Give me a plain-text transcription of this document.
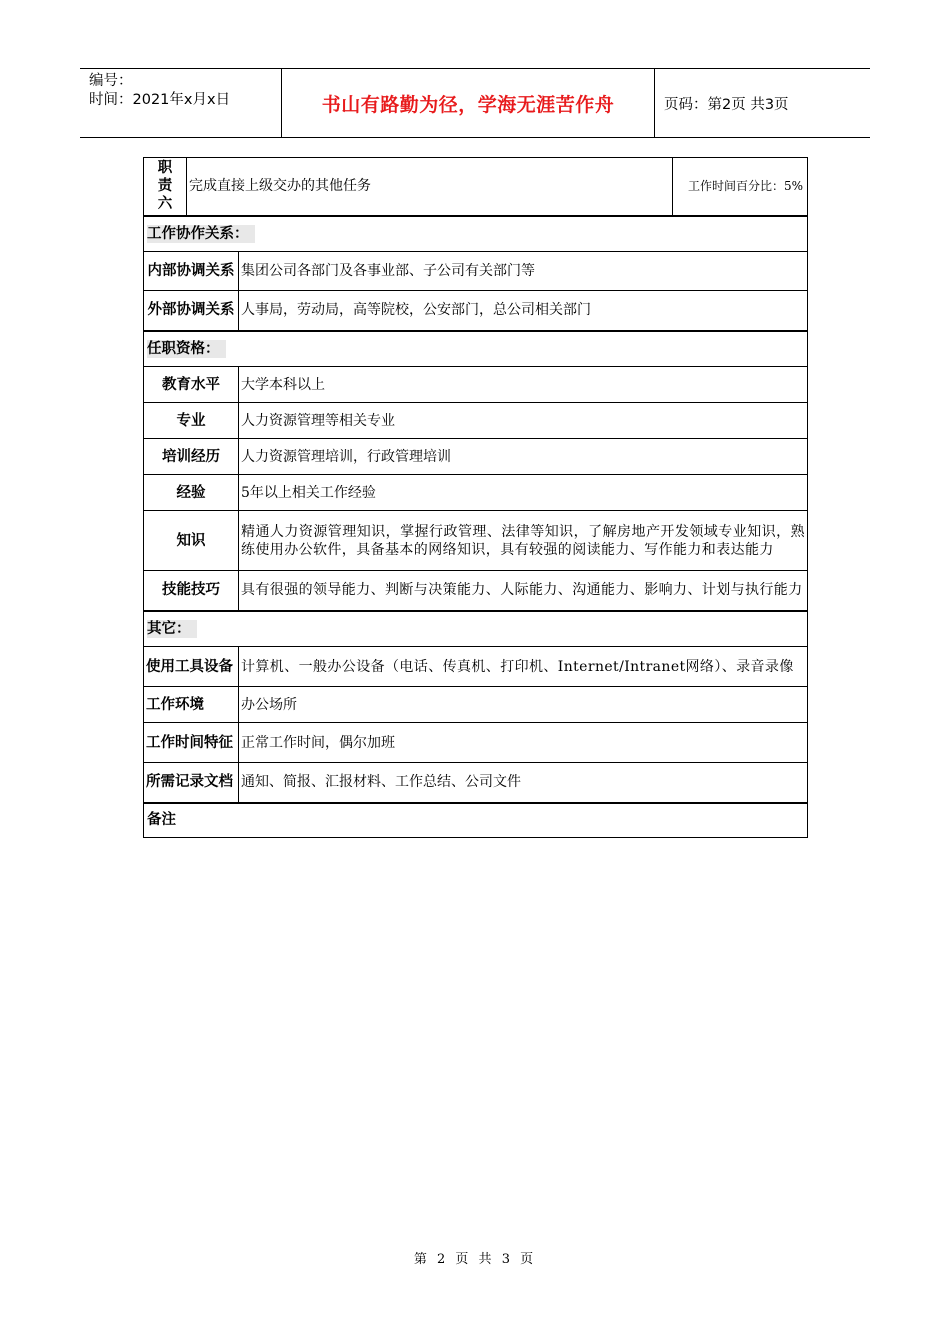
编号：
时间：2021年x月x日	书山有路勤为径，学海无涯苦作舟	页码：第2页 共3页
职
责
六	完成直接上级交办的其他任务		工作时间百分比：5%
工作协作关系：			
内部协调关系		集团公司各部门及各事业部、子公司有关部门等	
外部协调关系		人事局，劳动局，高等院校，公安部门，总公司相关部门	
任职资格：			
教育水平		大学本科以上	
专业		人力资源管理等相关专业	
培训经历		人力资源管理培训，行政管理培训	
经验		5年以上相关工作经验	
知识		精通人力资源管理知识，掌握行政管理、法律等知识，了解房地产开发领域专业知识，熟练使用办公软件，具备基本的网络知识，具有较强的阅读能力、写作能力和表达能力	
技能技巧		具有很强的领导能力、判断与决策能力、人际能力、沟通能力、影响力、计划与执行能力	
其它：			
使用工具设备		计算机、一般办公设备（电话、传真机、打印机、Internet/Intranet网络）、录音录像	
工作环境		办公场所	
工作时间特征		正常工作时间，偶尔加班	
所需记录文档		通知、简报、汇报材料、工作总结、公司文件	
备注			
第 2 页 共 3 页
